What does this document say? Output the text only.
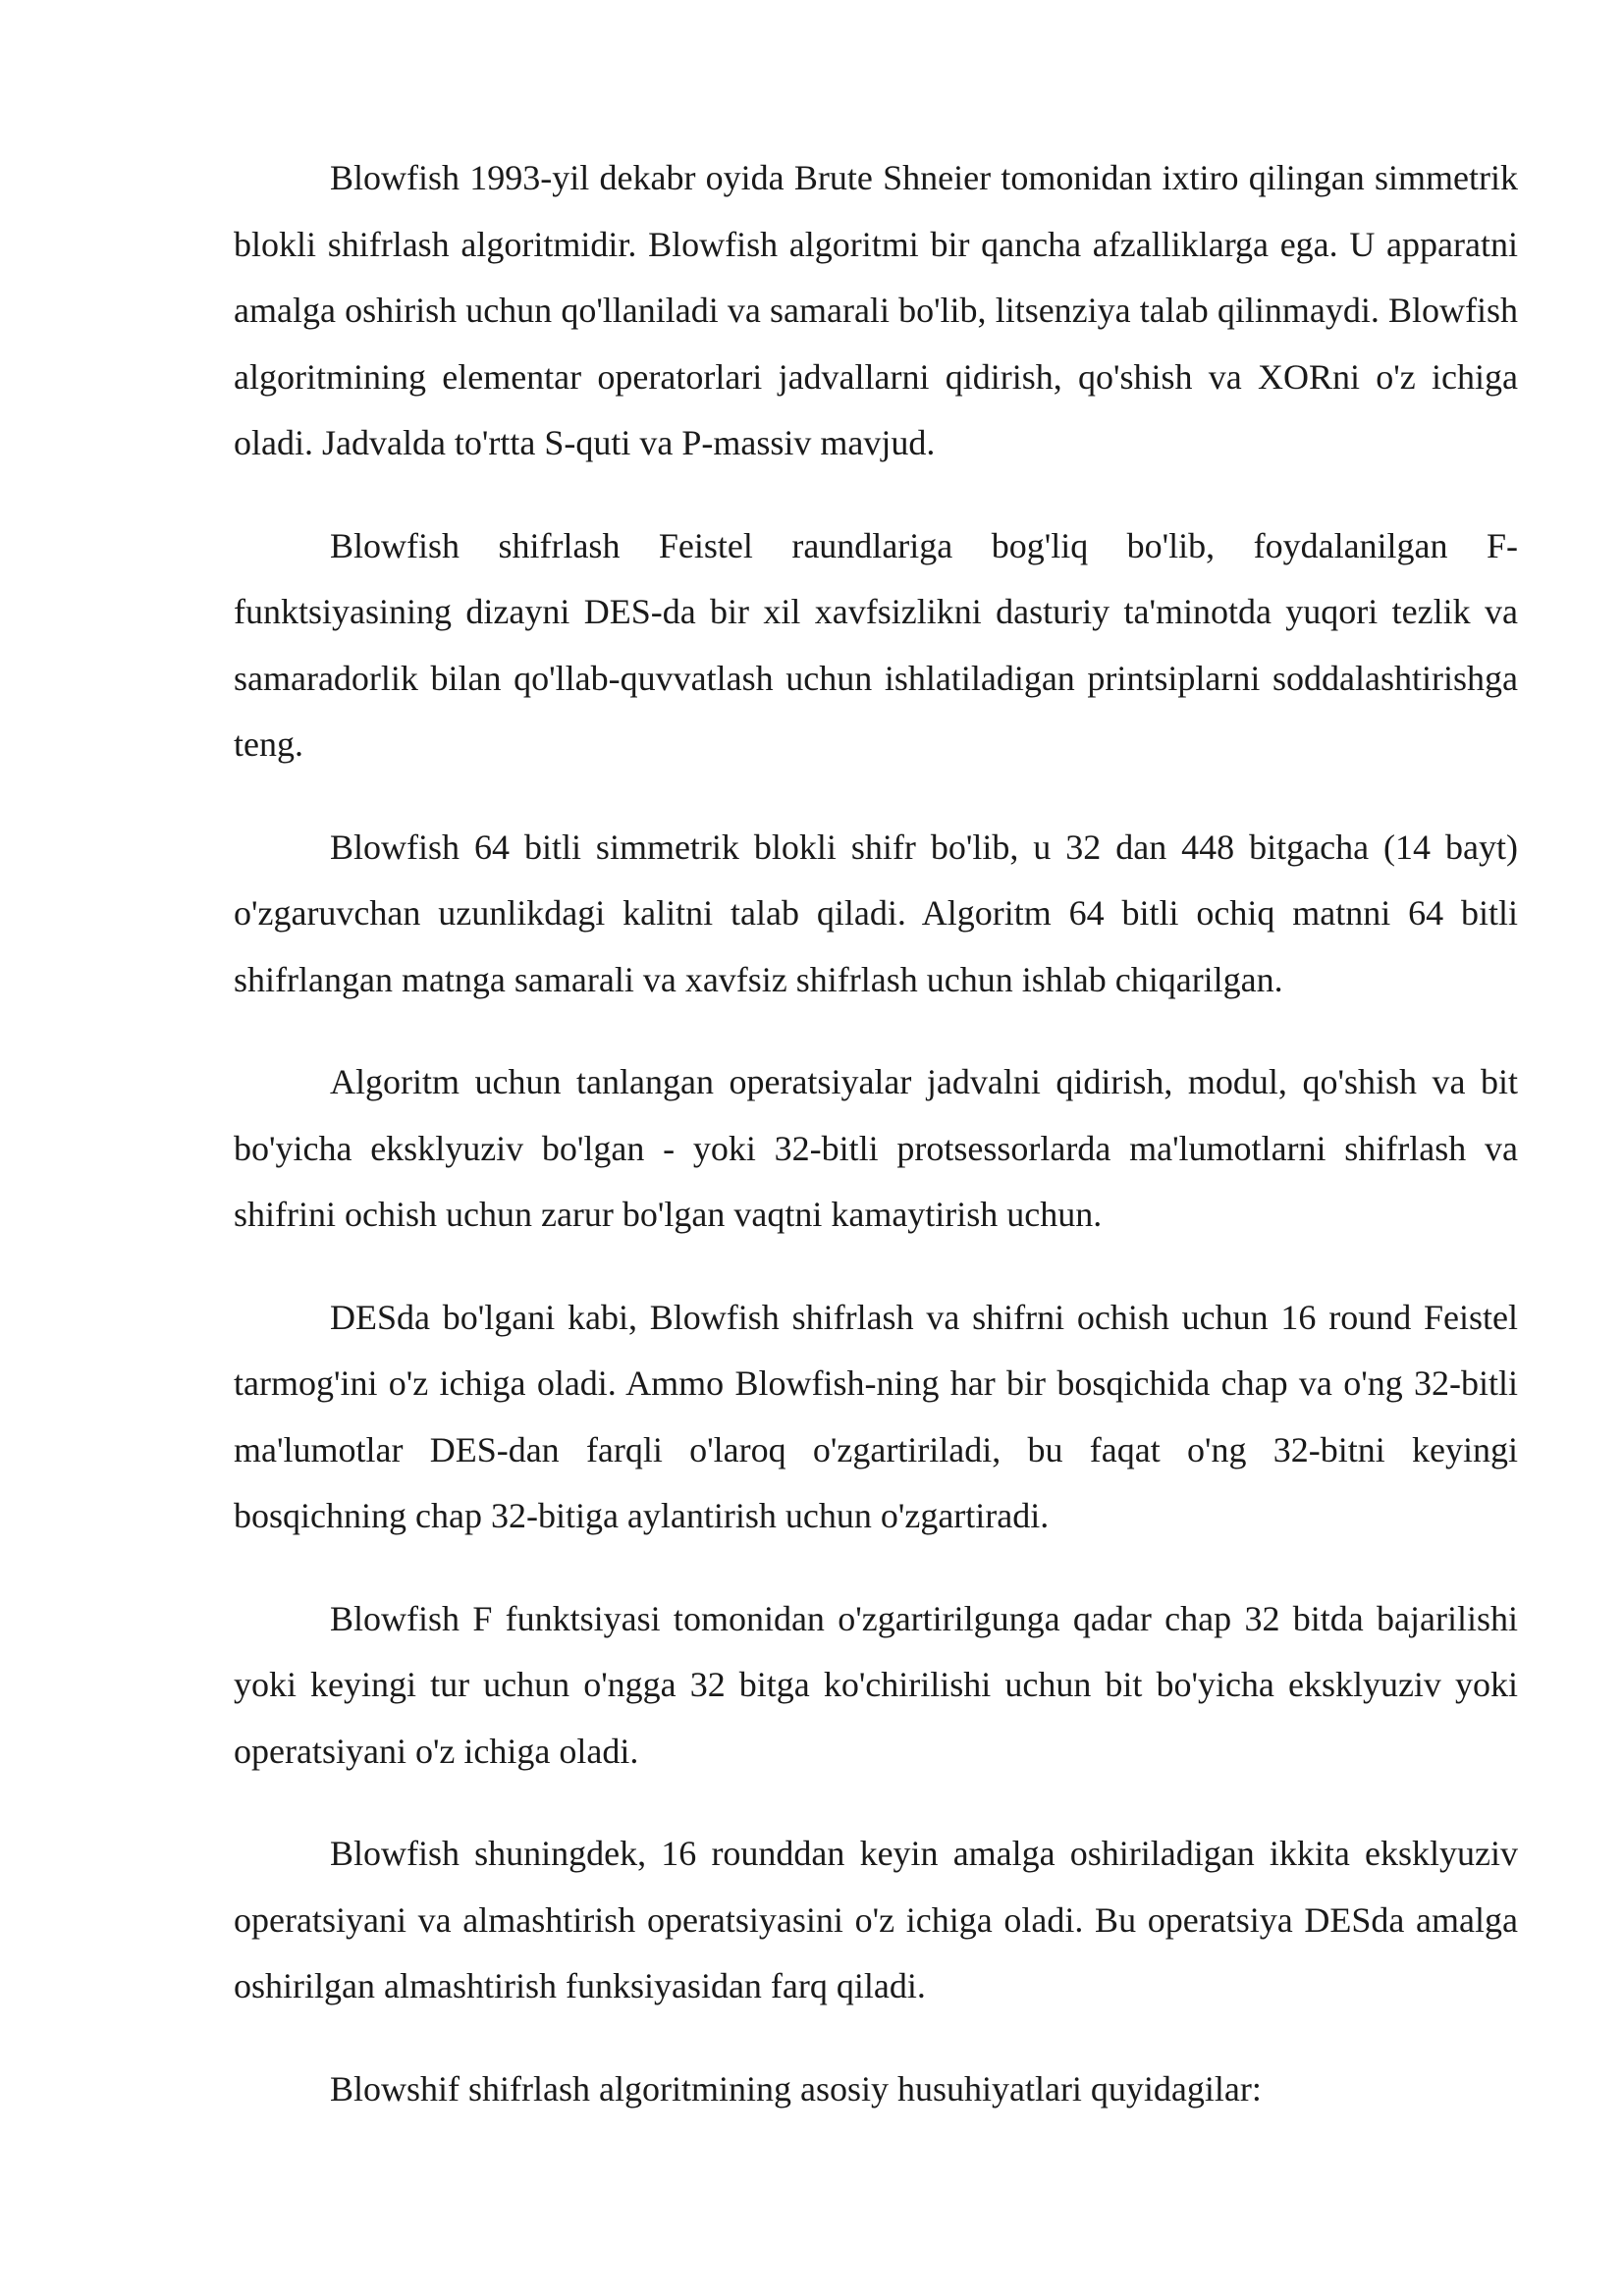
Blowfish 1993-yil dekabr oyida Brute Shneier tomonidan ixtiro qilingan simmetrik blokli shifrlash algoritmidir. Blowfish algoritmi bir qancha afzalliklarga ega. U apparatni amalga oshirish uchun qo'llaniladi va samarali bo'lib, litsenziya talab qilinmaydi. Blowfish algoritmining elementar operatorlari jadvallarni qidirish, qo'shish va XORni o'z ichiga oladi. Jadvalda to'rtta S-quti va P-massiv mavjud.

Blowfish shifrlash Feistel raundlariga bog'liq bo'lib, foydalanilgan F-funktsiyasining dizayni DES-da bir xil xavfsizlikni dasturiy ta'minotda yuqori tezlik va samaradorlik bilan qo'llab-quvvatlash uchun ishlatiladigan printsiplarni soddalashtirishga teng.

Blowfish 64 bitli simmetrik blokli shifr bo'lib, u 32 dan 448 bitgacha (14 bayt) o'zgaruvchan uzunlikdagi kalitni talab qiladi. Algoritm 64 bitli ochiq matnni 64 bitli shifrlangan matnga samarali va xavfsiz shifrlash uchun ishlab chiqarilgan.

Algoritm uchun tanlangan operatsiyalar jadvalni qidirish, modul, qo'shish va bit bo'yicha eksklyuziv bo'lgan - yoki 32-bitli protsessorlarda ma'lumotlarni shifrlash va shifrini ochish uchun zarur bo'lgan vaqtni kamaytirish uchun.

DESda bo'lgani kabi, Blowfish shifrlash va shifrni ochish uchun 16 round Feistel tarmog'ini o'z ichiga oladi. Ammo Blowfish-ning har bir bosqichida chap va o'ng 32-bitli ma'lumotlar DES-dan farqli o'laroq o'zgartiriladi, bu faqat o'ng 32-bitni keyingi bosqichning chap 32-bitiga aylantirish uchun o'zgartiradi.

Blowfish F funktsiyasi tomonidan o'zgartirilgunga qadar chap 32 bitda bajarilishi yoki keyingi tur uchun o'ngga 32 bitga ko'chirilishi uchun bit bo'yicha eksklyuziv yoki operatsiyani o'z ichiga oladi.

Blowfish shuningdek, 16 rounddan keyin amalga oshiriladigan ikkita eksklyuziv operatsiyani va almashtirish operatsiyasini o'z ichiga oladi. Bu operatsiya DESda amalga oshirilgan almashtirish funksiyasidan farq qiladi.

Blowshif shifrlash algoritmining asosiy husuhiyatlari quyidagilar:
